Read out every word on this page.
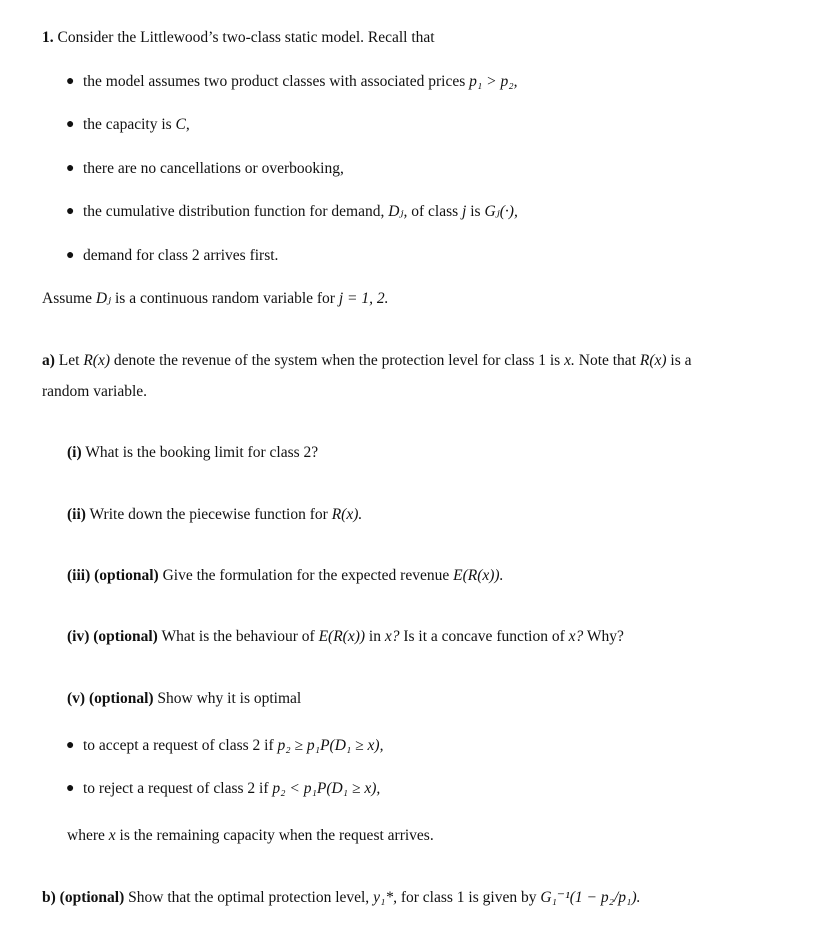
1. Consider the Littlewood’s two-class static model. Recall that
● the model assumes two product classes with associated prices p₁ > p₂,
● the capacity is C,
● there are no cancellations or overbooking,
● the cumulative distribution function for demand, Dⱼ, of class j is Gⱼ(·),
● demand for class 2 arrives first.
Assume Dⱼ is a continuous random variable for j = 1, 2.
a) Let R(x) denote the revenue of the system when the protection level for class 1 is x. Note that R(x) is a
random variable.
(i) What is the booking limit for class 2?
(ii) Write down the piecewise function for R(x).
(iii) (optional) Give the formulation for the expected revenue E(R(x)).
(iv) (optional) What is the behaviour of E(R(x)) in x? Is it a concave function of x? Why?
(v) (optional) Show why it is optimal
● to accept a request of class 2 if p₂ ≥ p₁P(D₁ ≥ x),
● to reject a request of class 2 if p₂ < p₁P(D₁ ≥ x),
where x is the remaining capacity when the request arrives.
b) (optional) Show that the optimal protection level, y₁*, for class 1 is given by G₁⁻¹(1 − p₂/p₁).
